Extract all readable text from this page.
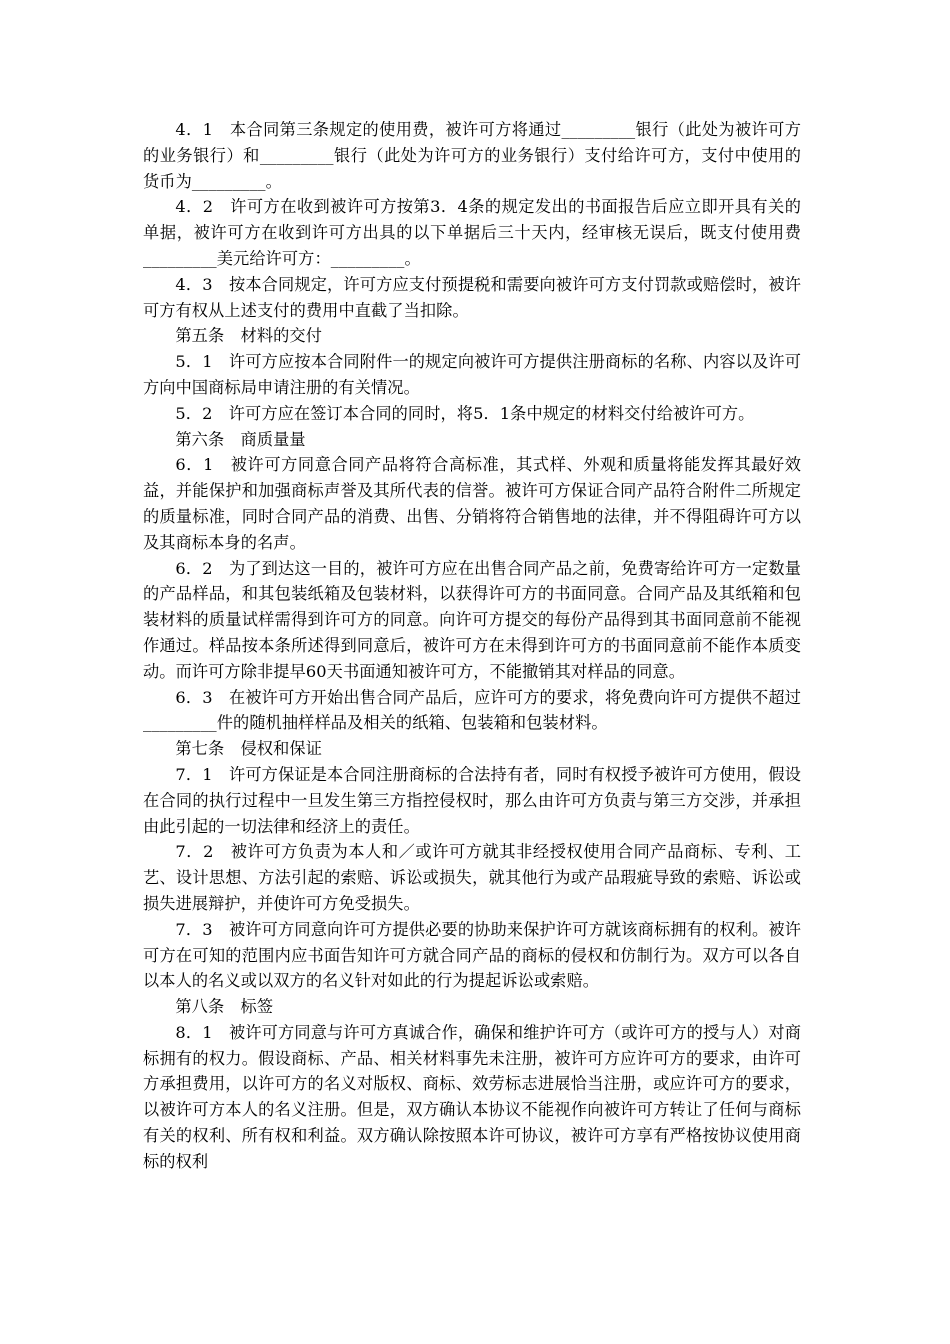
4．1　本合同第三条规定的使用费，被许可方将通过_________银行（此处为被许可方的业务银行）和_________银行（此处为许可方的业务银行）支付给许可方，支付中使用的货币为_________。

4．2　许可方在收到被许可方按第3．4条的规定发出的书面报告后应立即开具有关的单据，被许可方在收到许可方出具的以下单据后三十天内，经审核无误后，既支付使用费_________美元给许可方：_________。

4．3　按本合同规定，许可方应支付预提税和需要向被许可方支付罚款或赔偿时，被许可方有权从上述支付的费用中直截了当扣除。

第五条　材料的交付

5．1　许可方应按本合同附件一的规定向被许可方提供注册商标的名称、内容以及许可方向中国商标局申请注册的有关情况。

5．2　许可方应在签订本合同的同时，将5．1条中规定的材料交付给被许可方。

第六条　商质量量

6．1　被许可方同意合同产品将符合高标准，其式样、外观和质量将能发挥其最好效益，并能保护和加强商标声誉及其所代表的信誉。被许可方保证合同产品符合附件二所规定的质量标准，同时合同产品的消费、出售、分销将符合销售地的法律，并不得阻碍许可方以及其商标本身的名声。

6．2　为了到达这一目的，被许可方应在出售合同产品之前，免费寄给许可方一定数量的产品样品，和其包装纸箱及包装材料，以获得许可方的书面同意。合同产品及其纸箱和包装材料的质量试样需得到许可方的同意。向许可方提交的每份产品得到其书面同意前不能视作通过。样品按本条所述得到同意后，被许可方在未得到许可方的书面同意前不能作本质变动。而许可方除非提早60天书面通知被许可方，不能撤销其对样品的同意。

6．3　在被许可方开始出售合同产品后，应许可方的要求，将免费向许可方提供不超过_________件的随机抽样样品及相关的纸箱、包装箱和包装材料。

第七条　侵权和保证

7．1　许可方保证是本合同注册商标的合法持有者，同时有权授予被许可方使用，假设在合同的执行过程中一旦发生第三方指控侵权时，那么由许可方负责与第三方交涉，并承担由此引起的一切法律和经济上的责任。

7．2　被许可方负责为本人和／或许可方就其非经授权使用合同产品商标、专利、工艺、设计思想、方法引起的索赔、诉讼或损失，就其他行为或产品瑕疵导致的索赔、诉讼或损失进展辩护，并使许可方免受损失。

7．3　被许可方同意向许可方提供必要的协助来保护许可方就该商标拥有的权利。被许可方在可知的范围内应书面告知许可方就合同产品的商标的侵权和仿制行为。双方可以各自以本人的名义或以双方的名义针对如此的行为提起诉讼或索赔。

第八条　标签

8．1　被许可方同意与许可方真诚合作，确保和维护许可方（或许可方的授与人）对商标拥有的权力。假设商标、产品、相关材料事先未注册，被许可方应许可方的要求，由许可方承担费用，以许可方的名义对版权、商标、效劳标志进展恰当注册，或应许可方的要求，以被许可方本人的名义注册。但是，双方确认本协议不能视作向被许可方转让了任何与商标有关的权利、所有权和利益。双方确认除按照本许可协议，被许可方享有严格按协议使用商标的权利
